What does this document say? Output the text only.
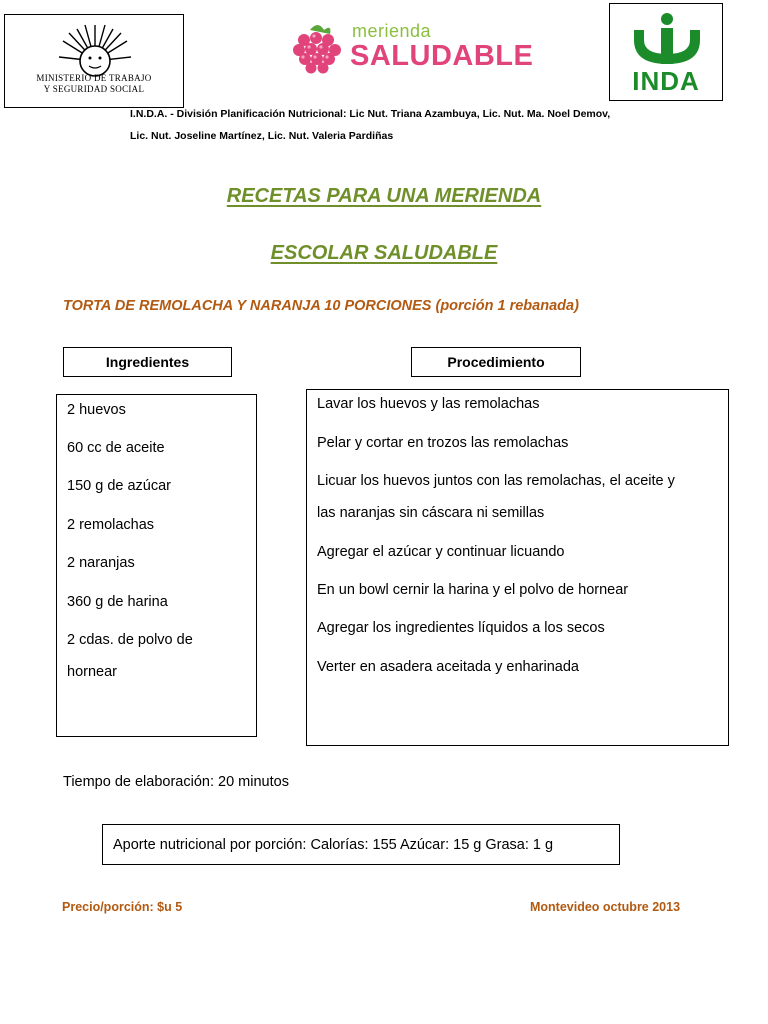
MINISTERIO DE TRABAJO
Y SEGURIDAD SOCIAL
merienda
SALUDABLE
INDA
I.N.D.A. - División Planificación Nutricional: Lic Nut. Triana Azambuya, Lic. Nut. Ma. Noel Demov,
Lic. Nut. Joseline Martínez, Lic. Nut. Valeria Pardiñas
RECETAS PARA UNA MERIENDA
ESCOLAR SALUDABLE
TORTA DE REMOLACHA Y NARANJA 10 PORCIONES (porción 1 rebanada)
Ingredientes	Procedimiento
2 huevos
60 cc de aceite
150 g de azúcar
2 remolachas
2 naranjas
360 g de harina
2 cdas. de polvo de
hornear
Lavar los huevos y las remolachas
Pelar y cortar en trozos las remolachas
Licuar los huevos juntos con las remolachas, el aceite y
las naranjas sin cáscara ni semillas
Agregar el azúcar y continuar licuando
En un bowl cernir la harina y el polvo de hornear
Agregar los ingredientes líquidos a los secos
Verter en asadera aceitada y enharinada
Tiempo de elaboración: 20 minutos
Aporte nutricional por porción: Calorías: 155 Azúcar: 15 g Grasa: 1 g
Precio/porción: $u 5	Montevideo octubre 2013
